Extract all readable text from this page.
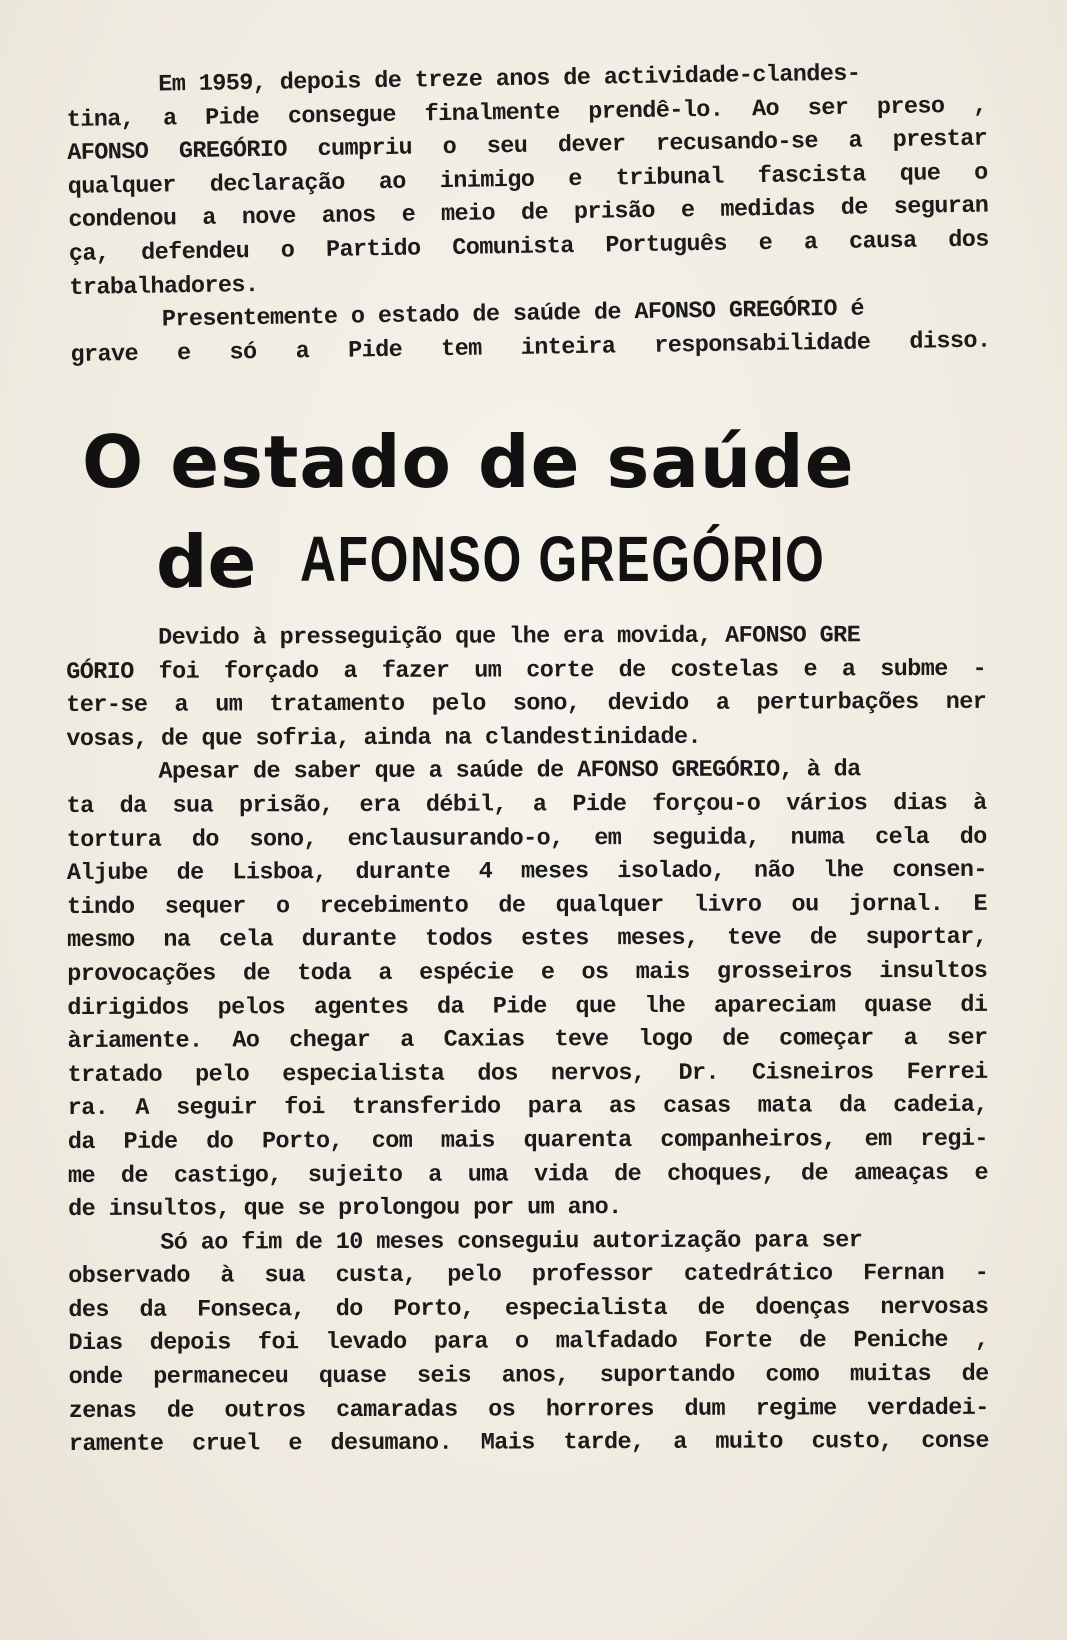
Em 1959, depois de treze anos de actividade-clandes-
tina, a Pide consegue finalmente prendê-lo. Ao ser preso ,
AFONSO GREGÓRIO cumpriu o seu dever recusando-se a prestar
qualquer declaração ao inimigo e tribunal fascista que o
condenou a nove anos e meio de prisão e medidas de seguran
ça, defendeu o Partido Comunista Português e a causa dos
trabalhadores.
Presentemente o estado de saúde de AFONSO GREGÓRIO é
grave e só a Pide tem inteira responsabilidade disso.
O estado de saúde
de AFONSO GREGÓRIO
Devido à presseguição que lhe era movida, AFONSO GRE
GÓRIO foi forçado a fazer um corte de costelas e a subme -
ter-se a um tratamento pelo sono, devido a perturbações ner
vosas, de que sofria, ainda na clandestinidade.
Apesar de saber que a saúde de AFONSO GREGÓRIO, à da
ta da sua prisão, era débil, a Pide forçou-o vários dias à
tortura do sono, enclausurando-o, em seguida, numa cela do
Aljube de Lisboa, durante 4 meses isolado, não lhe consen-
tindo sequer o recebimento de qualquer livro ou jornal. E
mesmo na cela durante todos estes meses, teve de suportar,
provocações de toda a espécie e os mais grosseiros insultos
dirigidos pelos agentes da Pide que lhe apareciam quase di
àriamente. Ao chegar a Caxias teve logo de começar a ser
tratado pelo especialista dos nervos, Dr. Cisneiros Ferrei
ra. A seguir foi transferido para as casas mata da cadeia,
da Pide do Porto, com mais quarenta companheiros, em regi-
me de castigo, sujeito a uma vida de choques, de ameaças e
de insultos, que se prolongou por um ano.
Só ao fim de 10 meses conseguiu autorização para ser
observado à sua custa, pelo professor catedrático Fernan -
des da Fonseca, do Porto, especialista de doenças nervosas
Dias depois foi levado para o malfadado Forte de Peniche ,
onde permaneceu quase seis anos, suportando como muitas de
zenas de outros camaradas os horrores dum regime verdadei-
ramente cruel e desumano. Mais tarde, a muito custo, conse
